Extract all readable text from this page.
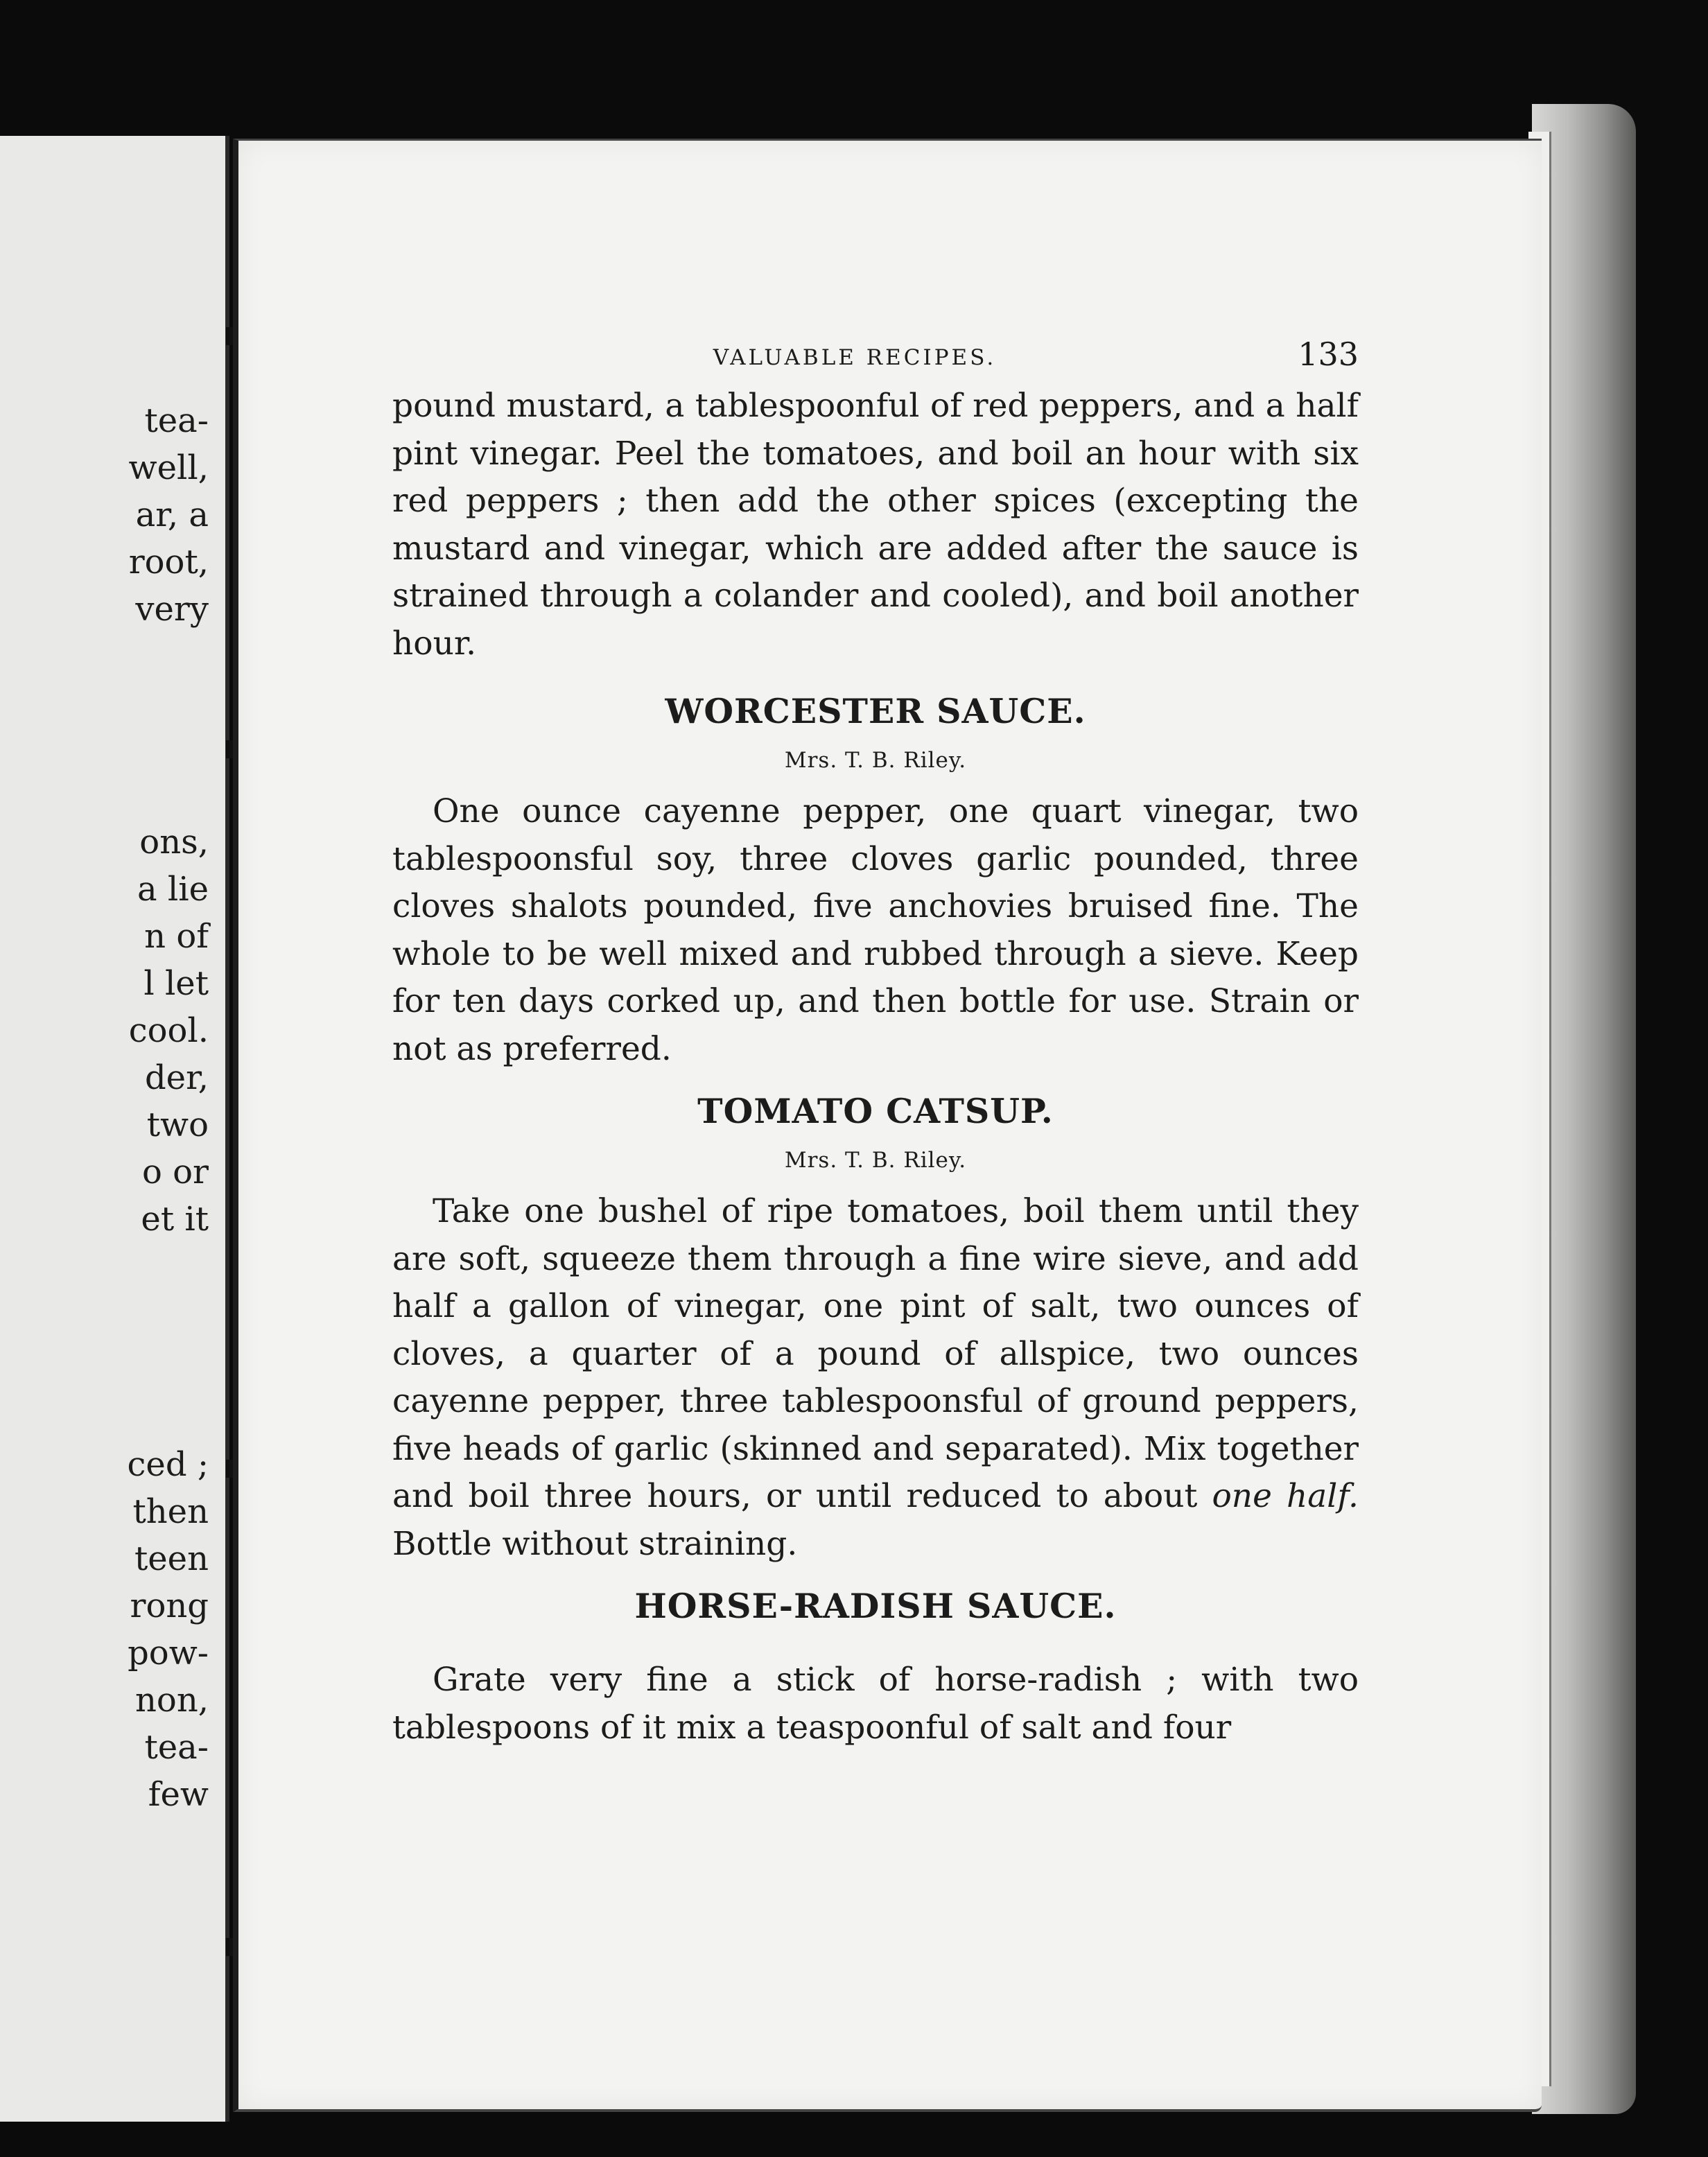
tea-
well,
ar, a
root,
very
ons,
a lie
n of
l let
cool.
der,
two
o or
et it
ced ;
then
teen
rong
pow-
non,
tea-
few
VALUABLE RECIPES.	133

pound mustard, a tablespoonful of red peppers, and a half pint vinegar. Peel the tomatoes, and boil an hour with six red peppers ; then add the other spices (excepting the mustard and vinegar, which are added after the sauce is strained through a colander and cooled), and boil another hour.

WORCESTER SAUCE.

Mrs. T. B. Riley.

One ounce cayenne pepper, one quart vinegar, two tablespoonsful soy, three cloves garlic pounded, three cloves shalots pounded, five anchovies bruised fine. The whole to be well mixed and rubbed through a sieve. Keep for ten days corked up, and then bottle for use. Strain or not as preferred.

TOMATO CATSUP.

Mrs. T. B. Riley.

Take one bushel of ripe tomatoes, boil them until they are soft, squeeze them through a fine wire sieve, and add half a gallon of vinegar, one pint of salt, two ounces of cloves, a quarter of a pound of allspice, two ounces cayenne pepper, three tablespoonsful of ground peppers, five heads of garlic (skinned and separated). Mix together and boil three hours, or until reduced to about one half. Bottle without straining.

HORSE-RADISH SAUCE.

Grate very fine a stick of horse-radish ; with two tablespoons of it mix a teaspoonful of salt and four
